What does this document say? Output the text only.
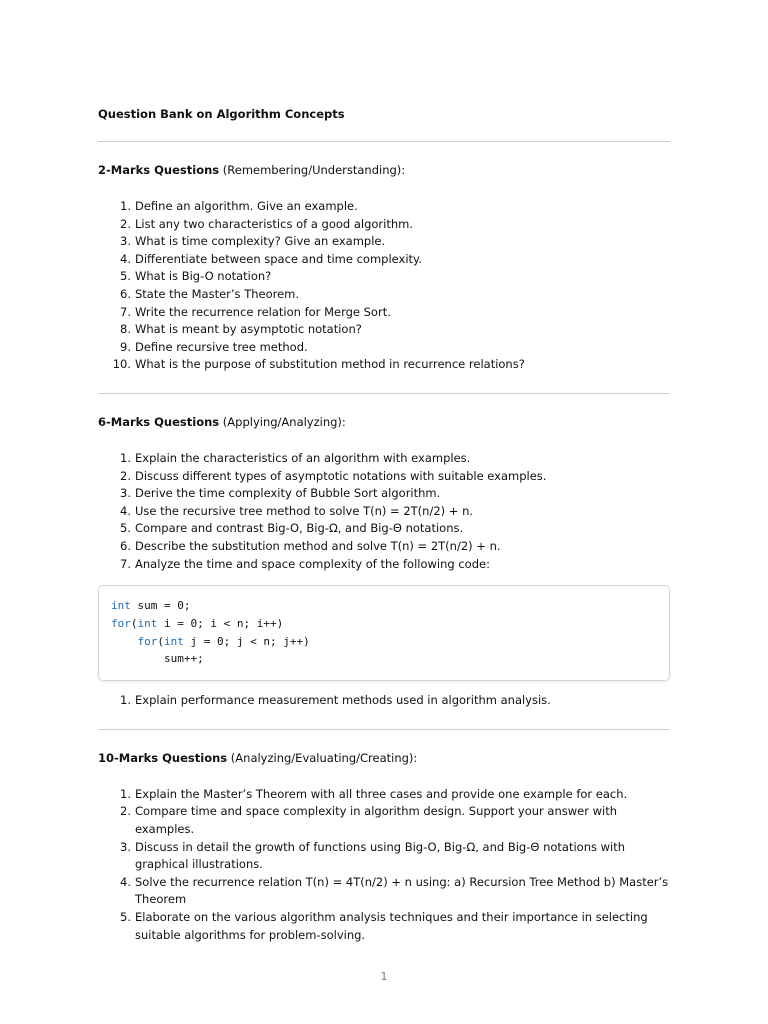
Question Bank on Algorithm Concepts

2-Marks Questions (Remembering/Understanding):

1. Define an algorithm. Give an example.
2. List any two characteristics of a good algorithm.
3. What is time complexity? Give an example.
4. Differentiate between space and time complexity.
5. What is Big-O notation?
6. State the Master’s Theorem.
7. Write the recurrence relation for Merge Sort.
8. What is meant by asymptotic notation?
9. Define recursive tree method.
10. What is the purpose of substitution method in recurrence relations?

6-Marks Questions (Applying/Analyzing):

1. Explain the characteristics of an algorithm with examples.
2. Discuss different types of asymptotic notations with suitable examples.
3. Derive the time complexity of Bubble Sort algorithm.
4. Use the recursive tree method to solve T(n) = 2T(n/2) + n.
5. Compare and contrast Big-O, Big-Ω, and Big-Θ notations.
6. Describe the substitution method and solve T(n) = 2T(n/2) + n.
7. Analyze the time and space complexity of the following code:
int sum = 0;
for(int i = 0; i < n; i++)
for(int j = 0; j < n; j++)
sum++;
1. Explain performance measurement methods used in algorithm analysis.

10-Marks Questions (Analyzing/Evaluating/Creating):

1. Explain the Master’s Theorem with all three cases and provide one example for each.
2. Compare time and space complexity in algorithm design. Support your answer with examples.
3. Discuss in detail the growth of functions using Big-O, Big-Ω, and Big-Θ notations with graphical illustrations.
4. Solve the recurrence relation T(n) = 4T(n/2) + n using: a) Recursion Tree Method b) Master’s Theorem
5. Elaborate on the various algorithm analysis techniques and their importance in selecting suitable algorithms for problem-solving.
1
